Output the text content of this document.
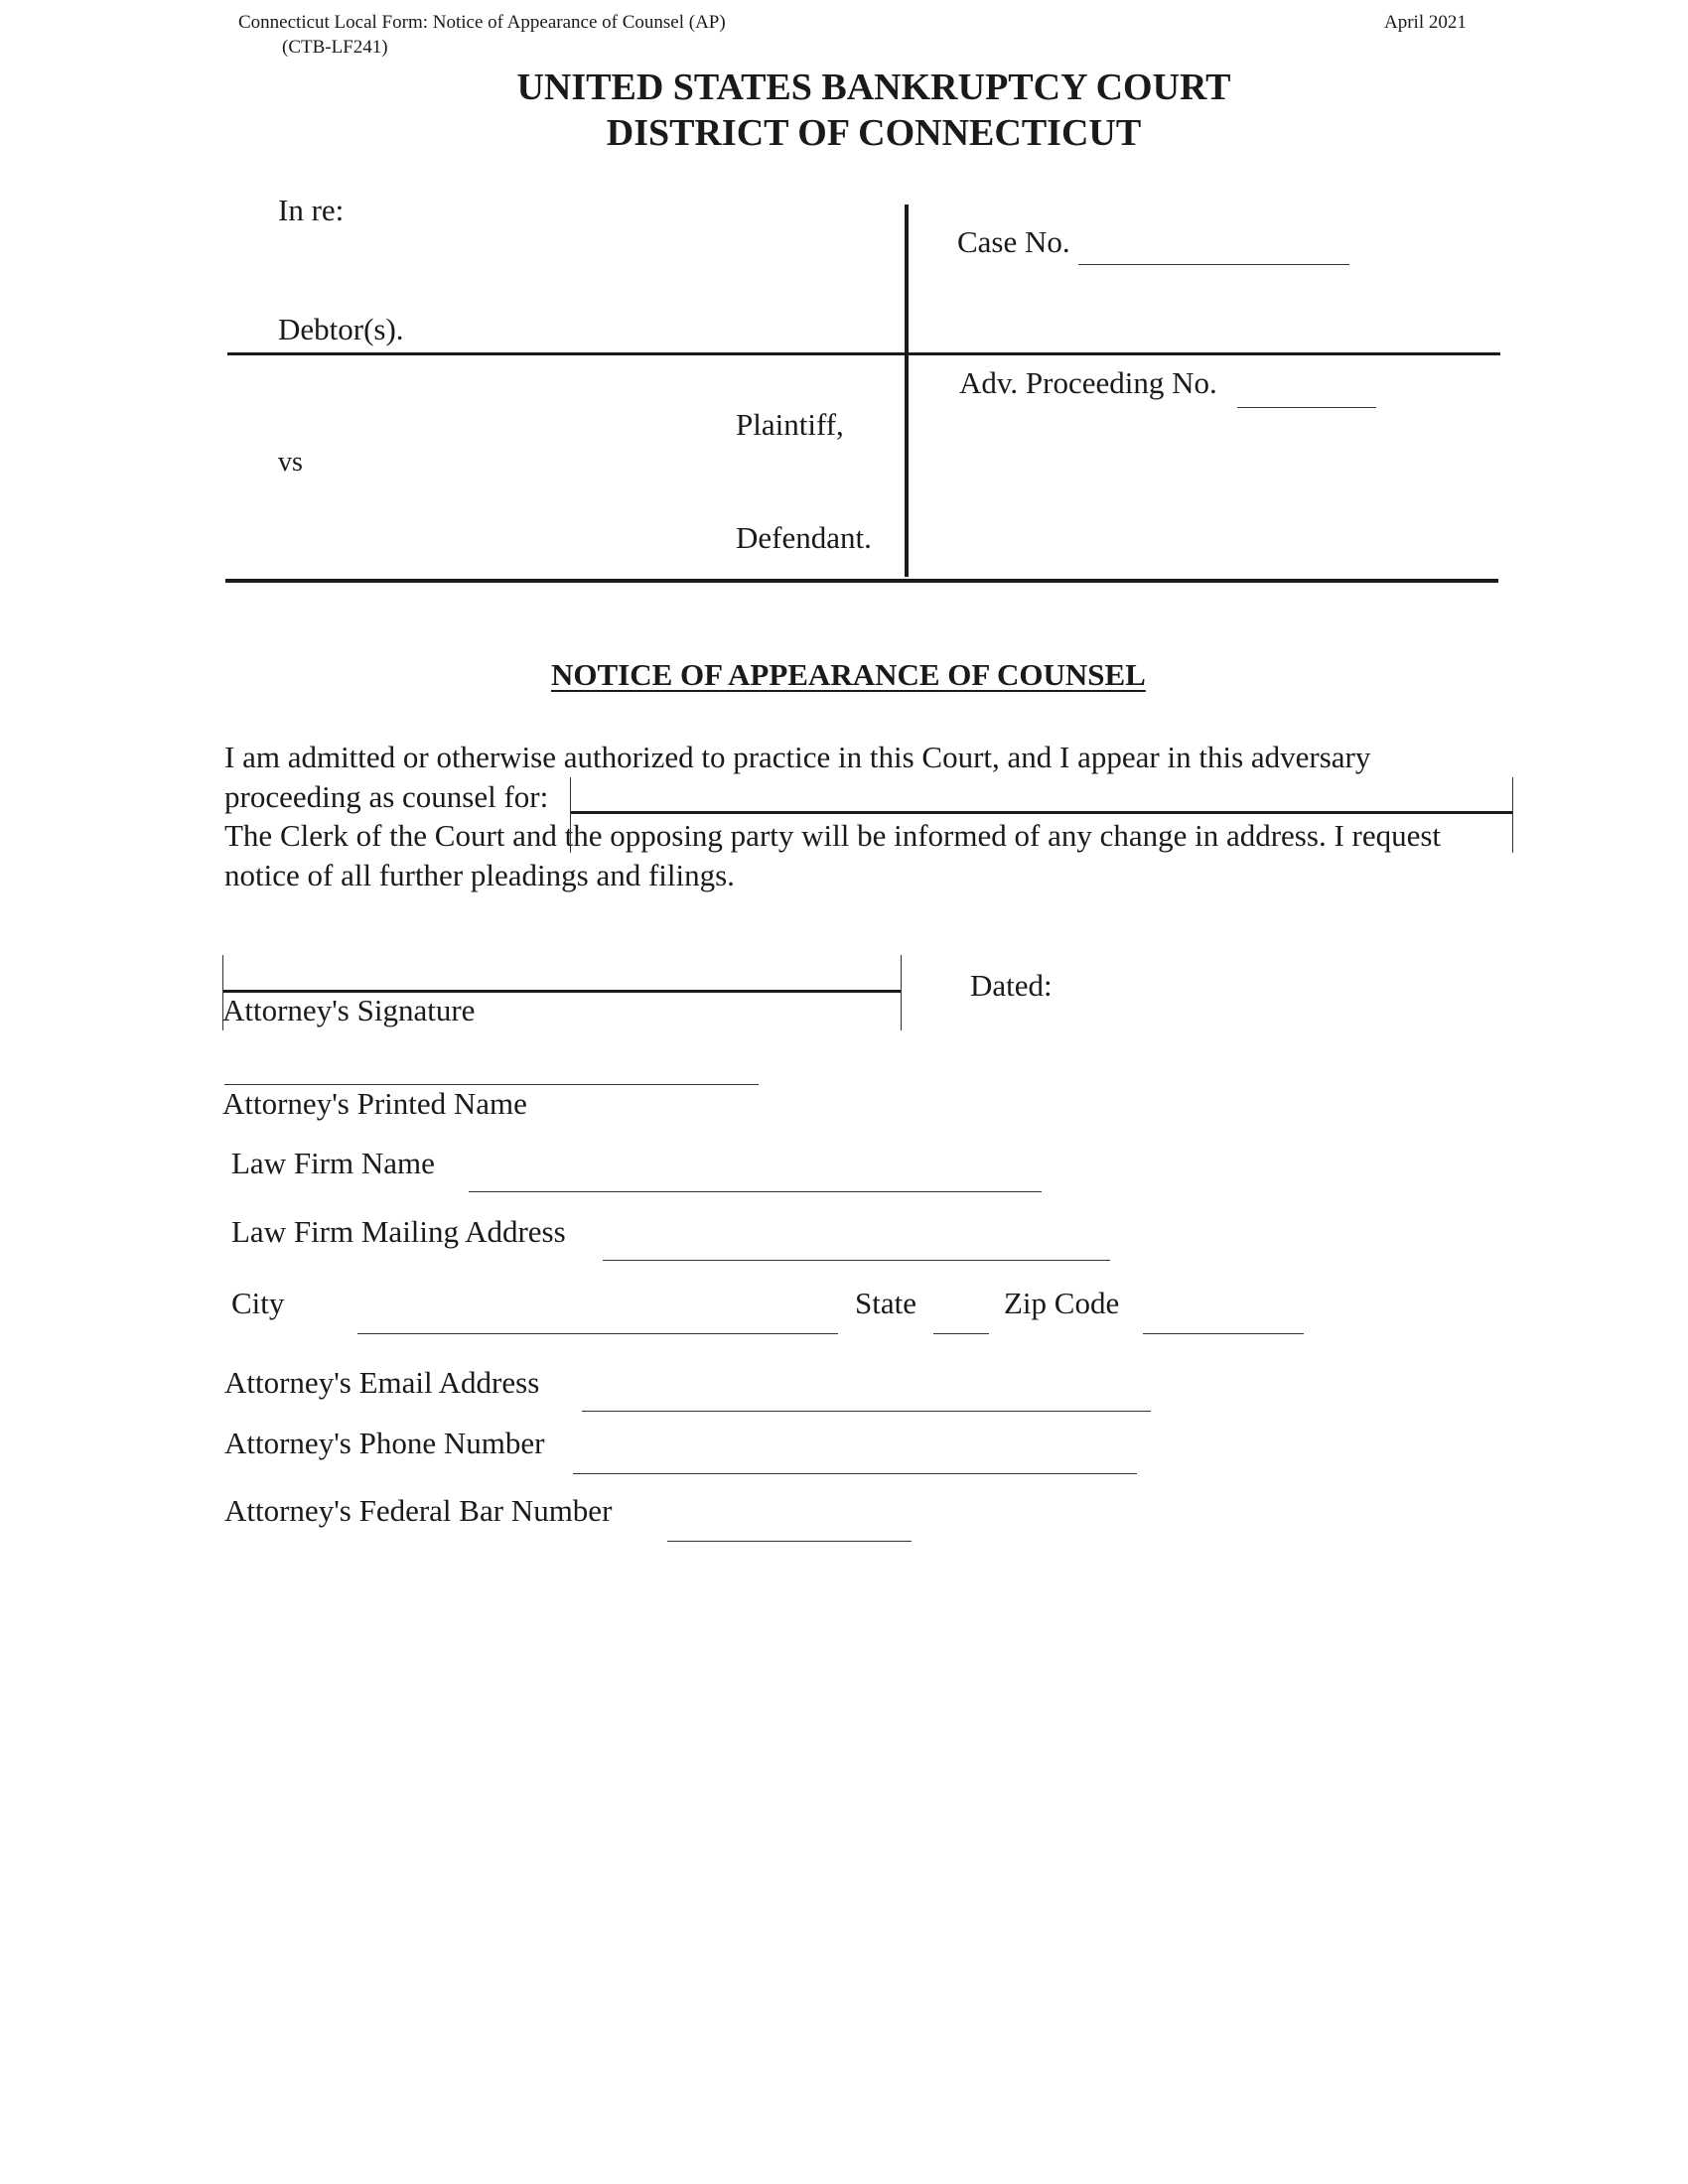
Connecticut Local Form: Notice of Appearance of Counsel (AP)
(CTB-LF241)
April 2021
UNITED STATES BANKRUPTCY COURT
DISTRICT OF CONNECTICUT
In re:
Debtor(s).
Case No.
Adv. Proceeding No.
Plaintiff,
vs
Defendant.
NOTICE OF APPEARANCE OF COUNSEL
I am admitted or otherwise authorized to practice in this Court, and I appear in this adversary
proceeding as counsel for:
The Clerk of the Court and the opposing party will be informed of any change in address. I request
notice of all further pleadings and filings.
Attorney's Signature
Dated:
Attorney's Printed Name
Law Firm Name
Law Firm Mailing Address
City	State	Zip Code
Attorney's Email Address
Attorney's Phone Number
Attorney's Federal Bar Number
